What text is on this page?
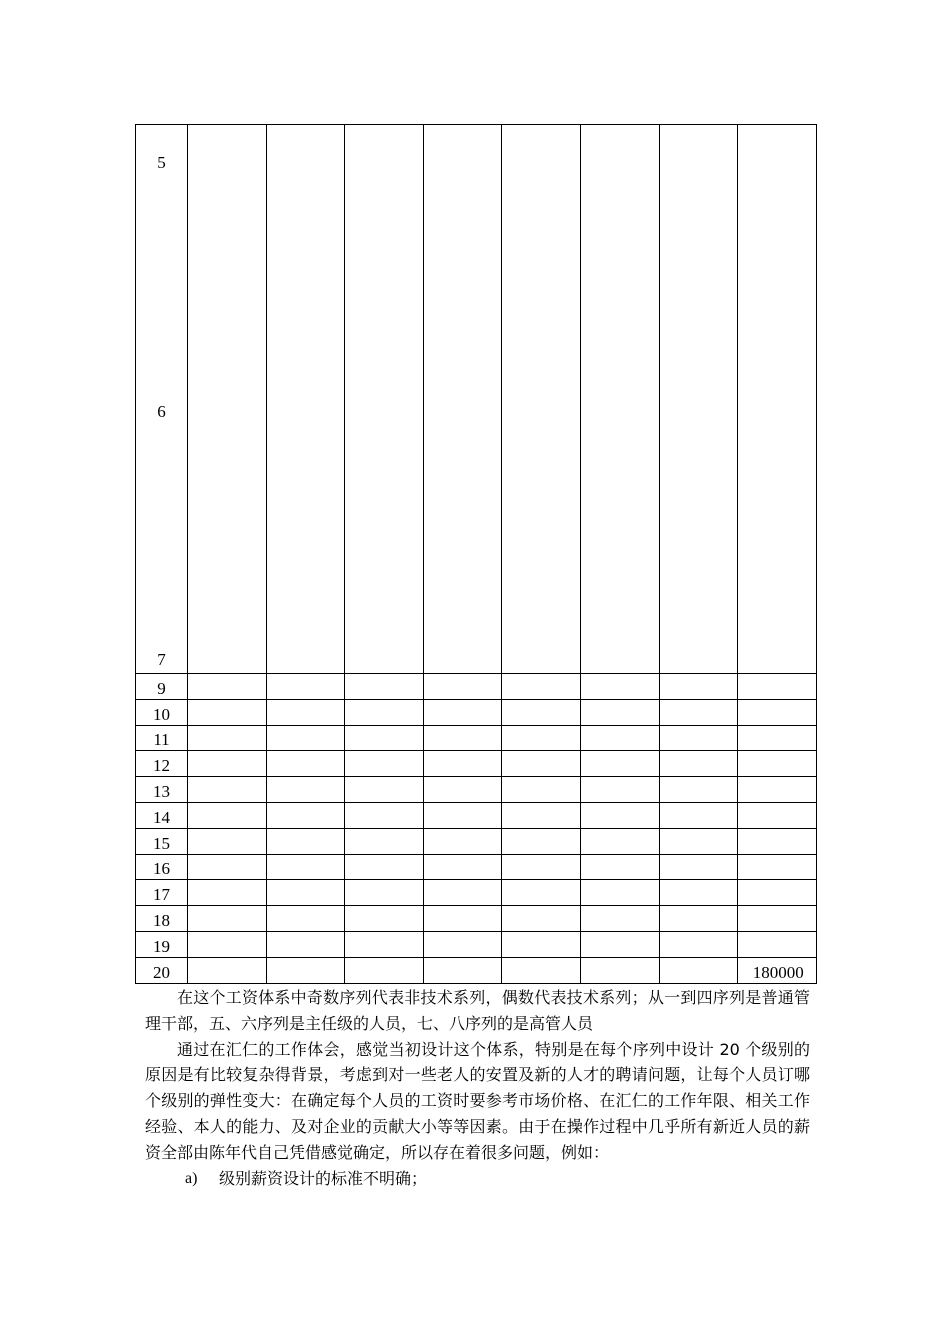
5
6
7								

9								
10								
11								
12								
13								
14								
15								
16								
17								
18								
19								
20								180000

在这个工资体系中奇数序列代表非技术系列，偶数代表技术系列；从一到四序列是普通管理干部，五、六序列是主任级的人员，七、八序列的是高管人员

通过在汇仁的工作体会，感觉当初设计这个体系，特别是在每个序列中设计 20 个级别的原因是有比较复杂得背景，考虑到对一些老人的安置及新的人才的聘请问题，让每个人员订哪个级别的弹性变大：在确定每个人员的工资时要参考市场价格、在汇仁的工作年限、相关工作经验、本人的能力、及对企业的贡献大小等等因素。由于在操作过程中几乎所有新近人员的薪资全部由陈年代自己凭借感觉确定，所以存在着很多问题，例如：

a)	级别薪资设计的标准不明确；
